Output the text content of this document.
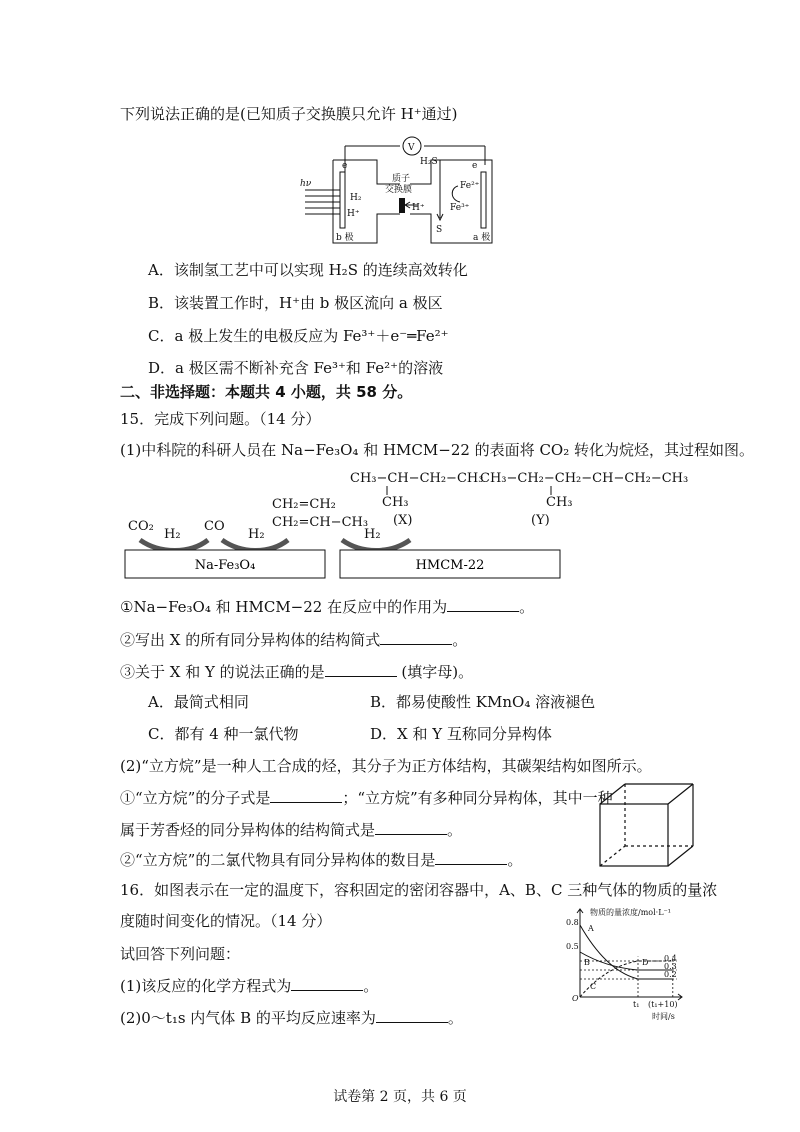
下列说法正确的是(已知质子交换膜只允许 H⁺通过)
V
H₂S
质子
交换膜
hν
e
H₂
H⁺
H⁺
S
Fe²⁺
Fe³⁺
e
b 极	a 极
A．该制氢工艺中可以实现 H₂S 的连续高效转化
B．该装置工作时，H⁺由 b 极区流向 a 极区
C．a 极上发生的电极反应为 Fe³⁺＋e⁻═Fe²⁺
D．a 极区需不断补充含 Fe³⁺和 Fe²⁺的溶液
二、非选择题：本题共 4 小题，共 58 分。
15．完成下列问题。（14 分）
(1)中科院的科研人员在 Na−Fe₃O₄ 和 HMCM−22 的表面将 CO₂ 转化为烷烃，其过程如图。
CH₃−CH−CH₂−CH₃
CH₃−CH₂−CH₂−CH−CH₂−CH₃
CH₃	CH₃
(X)	(Y)
CH₂=CH₂
CH₂=CH−CH₃
CO₂
H₂
CO
H₂	H₂
Na-Fe₃O₄	HMCM-22
①Na−Fe₃O₄ 和 HMCM−22 在反应中的作用为	。
②写出 X 的所有同分异构体的结构简式	。
③关于 X 和 Y 的说法正确的是	(填字母)。
A．最简式相同	B．都易使酸性 KMnO₄ 溶液褪色
C．都有 4 种一氯代物	D．X 和 Y 互称同分异构体
(2)“立方烷”是一种人工合成的烃，其分子为正方体结构，其碳架结构如图所示。
①“立方烷”的分子式是	；“立方烷”有多种同分异构体，其中一种
属于芳香烃的同分异构体的结构简式是	。
②“立方烷”的二氯代物具有同分异构体的数目是	。
16．如图表示在一定的温度下，容积固定的密闭容器中，A、B、C 三种气体的物质的量浓
度随时间变化的情况。（14 分）
试回答下列问题：
(1)该反应的化学方程式为	。
(2)0～t₁s 内气体 B 的平均反应速率为	。
物质的量浓度/mol·L⁻¹
0.8
0.5
0.4
0.3
0.2
O
t₁ (t₁+10)
时间/s
A
B
C
D
试卷第 2 页，共 6 页
